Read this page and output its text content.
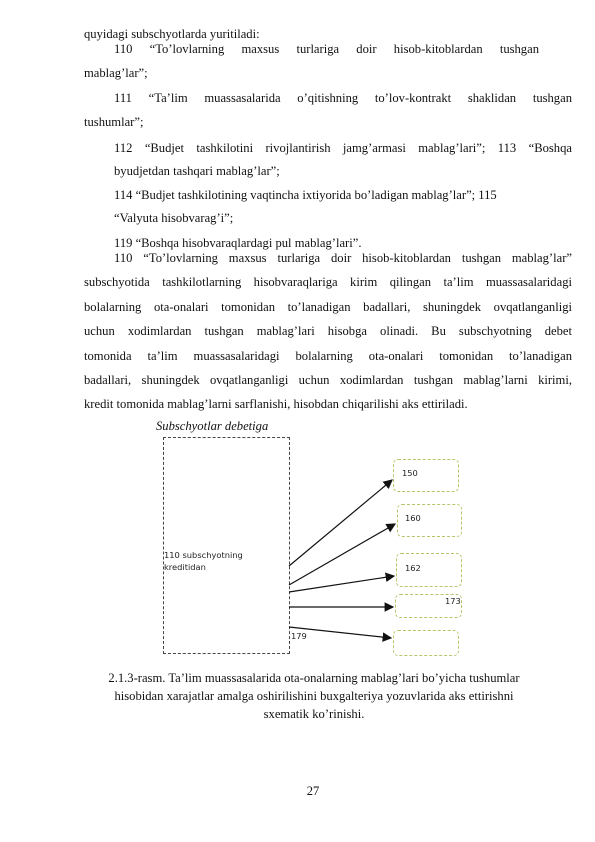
quyidagi subschyotlarda yuritiladi:
110 “To’lovlarning maxsus turlariga doir hisob-kitoblardan tushgan
mablag’lar”;
111 “Ta’lim muassasalarida o’qitishning to’lov-kontrakt shaklidan tushgan
tushumlar”;
112 “Budjet tashkilotini rivojlantirish jamg’armasi mablag’lari”; 113 “Boshqa
byudjetdan tashqari mablag’lar”;
114 “Budjet tashkilotining vaqtincha ixtiyorida bo’ladigan mablag’lar”; 115
“Valyuta hisobvarag’i”;
119 “Boshqa hisobvaraqlardagi pul mablag’lari”.
110 “To’lovlarning maxsus turlariga doir hisob-kitoblardan tushgan mablag’lar”
subschyotida tashkilotlarning hisobvaraqlariga kirim qilingan ta’lim muassasalaridagi
bolalarning ota-onalari tomonidan to’lanadigan badallari, shuningdek ovqatlanganligi
uchun xodimlardan tushgan mablag’lari hisobga olinadi. Bu subschyotning debet
tomonida ta’lim muassasalaridagi bolalarning ota-onalari tomonidan to’lanadigan
badallari, shuningdek ovqatlanganligi uchun xodimlardan tushgan mablag’larni kirimi,
kredit tomonida mablag’larni sarflanishi, hisobdan chiqarilishi aks ettiriladi.
Subschyotlar debetiga
110 subschyotning
kreditidan
150
160
162
173
179
2.1.3-rasm. Ta’lim muassasalarida ota-onalarning mablag’lari bo’yicha tushumlar
hisobidan xarajatlar amalga oshirilishini buxgalteriya yozuvlarida aks ettirishni
sxematik ko’rinishi.
27
